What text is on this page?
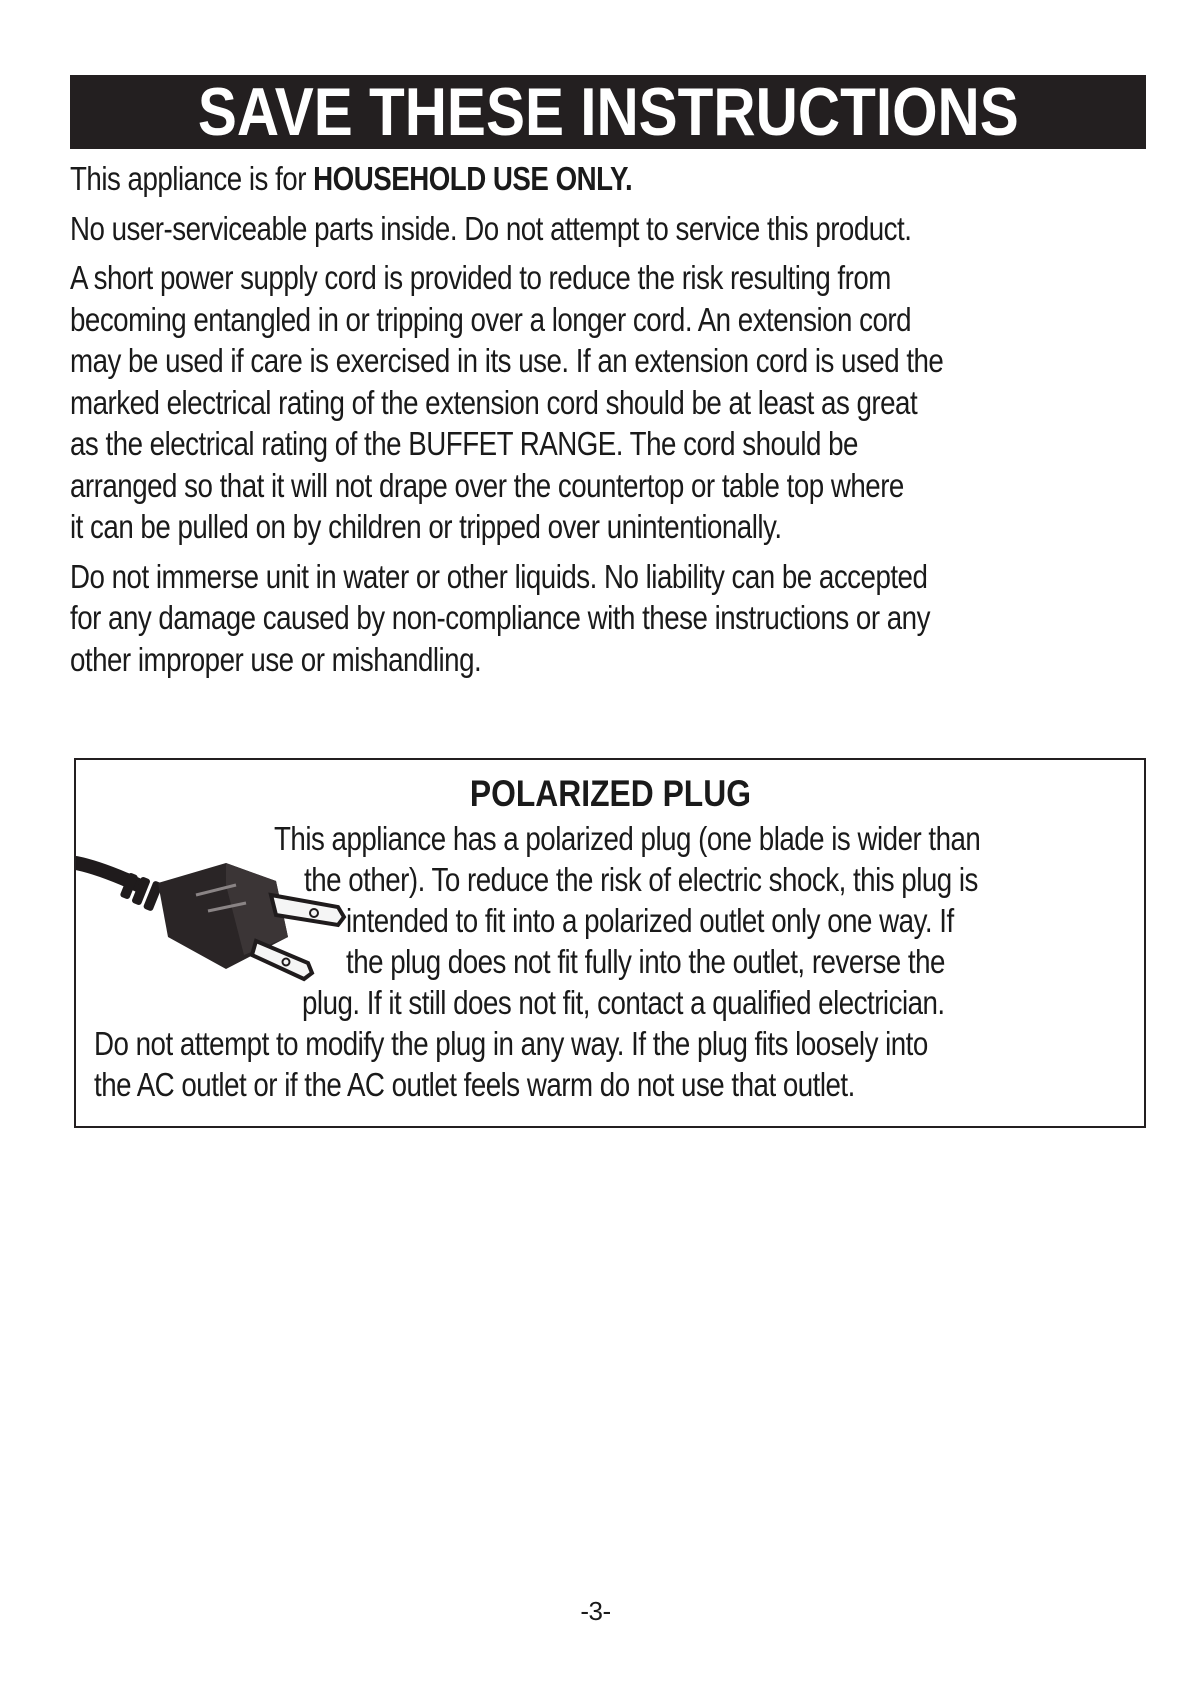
SAVE THESE INSTRUCTIONS

This appliance is for HOUSEHOLD USE ONLY.

No user-serviceable parts inside. Do not attempt to service this product.

A short power supply cord is provided to reduce the risk resulting from
becoming entangled in or tripping over a longer cord. An extension cord
may be used if care is exercised in its use. If an extension cord is used the
marked electrical rating of the extension cord should be at least as great
as the electrical rating of the BUFFET RANGE. The cord should be
arranged so that it will not drape over the countertop or table top where
it can be pulled on by children or tripped over unintentionally.

Do not immerse unit in water or other liquids. No liability can be accepted
for any damage caused by non-compliance with these instructions or any
other improper use or mishandling.

POLARIZED PLUG
This appliance has a polarized plug (one blade is wider than
the other). To reduce the risk of electric shock, this plug is
intended to fit into a polarized outlet only one way. If
the plug does not fit fully into the outlet, reverse the
plug. If it still does not fit, contact a qualified electrician.
Do not attempt to modify the plug in any way. If the plug fits loosely into
the AC outlet or if the AC outlet feels warm do not use that outlet.
-3-
